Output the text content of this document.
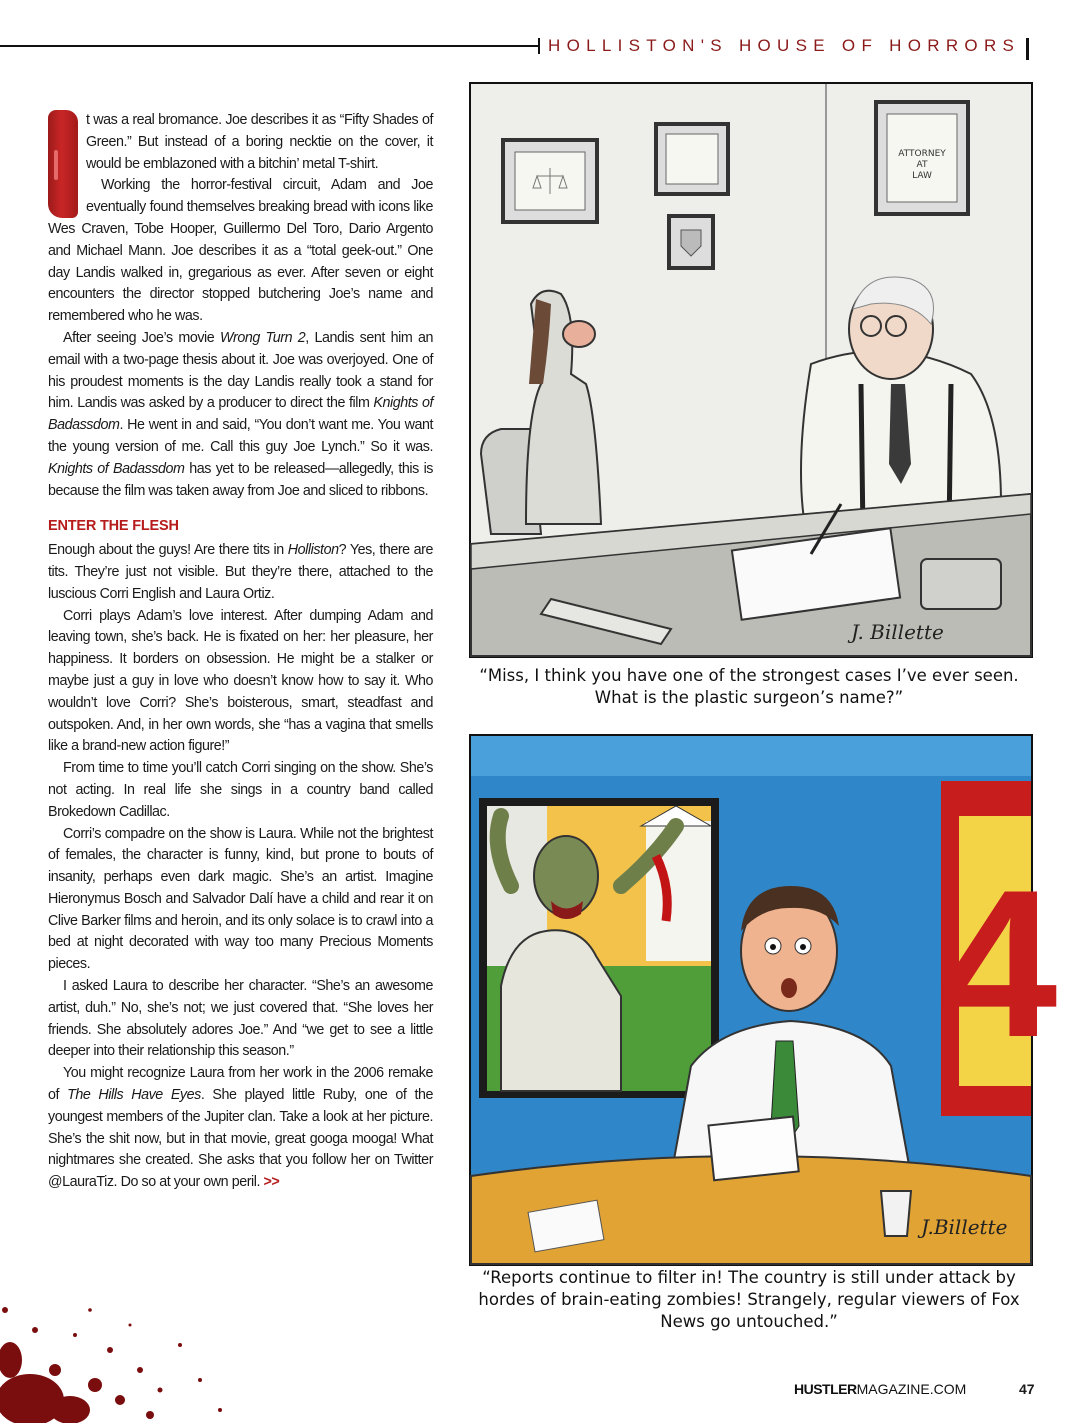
HOLLISTON'S HOUSE OF HORRORS

t was a real bromance. Joe describes it as “Fifty Shades of Green.” But instead of a boring necktie on the cover, it would be emblazoned with a bitchin’ metal T-shirt.

Working the horror-festival circuit, Adam and Joe eventually found themselves breaking bread with icons like Wes Craven, Tobe Hooper, Guillermo Del Toro, Dario Argento and Michael Mann. Joe describes it as a “total geek-out.” One day Landis walked in, gregarious as ever. After seven or eight encounters the director stopped butchering Joe’s name and remembered who he was.

After seeing Joe’s movie Wrong Turn 2, Landis sent him an email with a two-page thesis about it. Joe was overjoyed. One of his proudest moments is the day Landis really took a stand for him. Landis was asked by a producer to direct the film Knights of Badassdom. He went in and said, “You don’t want me. You want the young version of me. Call this guy Joe Lynch.” So it was. Knights of Badassdom has yet to be released—allegedly, this is because the film was taken away from Joe and sliced to ribbons.

ENTER THE FLESH

Enough about the guys! Are there tits in Holliston? Yes, there are tits. They’re just not visible. But they’re there, attached to the luscious Corri English and Laura Ortiz.

Corri plays Adam’s love interest. After dumping Adam and leaving town, she’s back. He is fixated on her: her pleasure, her happiness. It borders on obsession. He might be a stalker or maybe just a guy in love who doesn’t know how to say it. Who wouldn’t love Corri? She’s boisterous, smart, steadfast and outspoken. And, in her own words, she “has a vagina that smells like a brand-new action figure!”

From time to time you’ll catch Corri singing on the show. She’s not acting. In real life she sings in a country band called Brokedown Cadillac.

Corri’s compadre on the show is Laura. While not the brightest of females, the character is funny, kind, but prone to bouts of insanity, perhaps even dark magic. She’s an artist. Imagine Hieronymus Bosch and Salvador Dalí have a child and rear it on Clive Barker films and heroin, and its only solace is to crawl into a bed at night decorated with way too many Precious Moments pieces.

I asked Laura to describe her character. “She’s an awesome artist, duh.” No, she’s not; we just covered that. “She loves her friends. She absolutely adores Joe.” And “we get to see a little deeper into their relationship this season.”

You might recognize Laura from her work in the 2006 remake of The Hills Have Eyes. She played little Ruby, one of the youngest members of the Jupiter clan. Take a look at her picture. She’s the shit now, but in that movie, great googa mooga! What nightmares she created. She asks that you follow her on Twitter @LauraTiz. Do so at your own peril. >>

ATTORNEY AT LAW
J. Billette
“Miss, I think you have one of the strongest cases I’ve ever seen. What is the plastic surgeon’s name?”
4
J.Billette
“Reports continue to filter in! The country is still under attack by hordes of brain-eating zombies! Strangely, regular viewers of Fox News go untouched.”
HUSTLERMAGAZINE.COM	47
